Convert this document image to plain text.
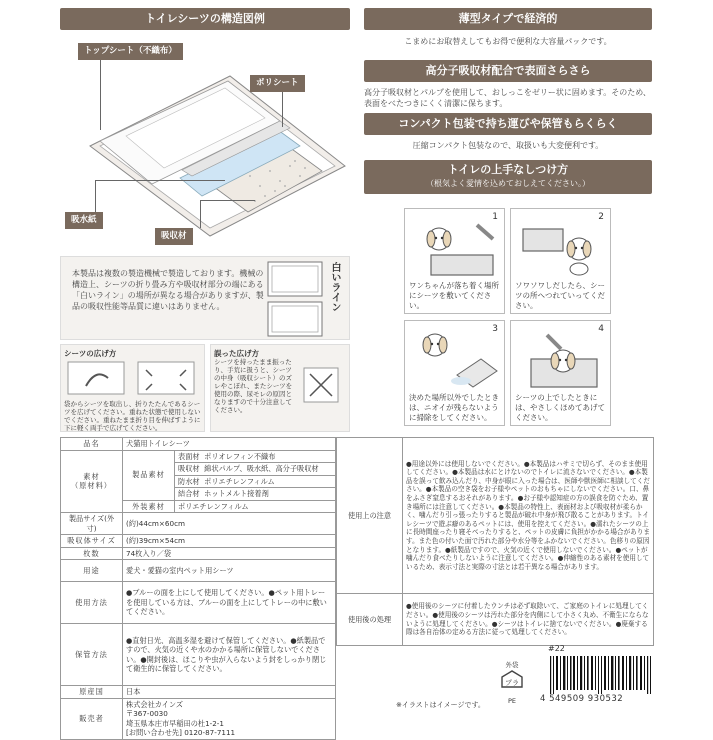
トイレシーツの構造図例
トップシート（不織布）
ポリシート
吸水紙
吸収材
本製品は複数の製造機械で製造しております。機械の構造上、シーツの折り畳み方や吸収材部分の端にある「白いライン」の場所が異なる場合がありますが、製品の吸収性能等品質に違いはありません。	白いライン
シーツの広げ方
袋からシーツを取出し、折りたたんであるシーツを広げてください。重ねた状態で使用しないでください。重ねたまま折り目を伸ばすように下に軽く両手で広げてください。
誤った広げ方
シーツを持ったまま振ったり、手荒に扱うと、シーツの中身（吸収シート）のズレやこぼれ、またシーツを使用の際、尿モレの原因となりますので十分注意してください。
薄型タイプで経済的
こまめにお取替えしてもお得で便利な大容量パックです。
高分子吸収材配合で表面さらさら
高分子吸収材とパルプを使用して、おしっこをゼリー状に固めます。そのため、表面をべたつきにくく清潔に保ちます。
コンパクト包装で持ち運びや保管もらくらく
圧縮コンパクト包装なので、取扱いも大変便利です。
トイレの上手なしつけ方
（根気よく愛情を込めておしえてください。）
1
ワンちゃんが落ち着く場所にシーツを敷いてください。
2
ソワソワしだしたら、シーツの所へつれていってください。
3
決めた場所以外でしたときは、ニオイが残らないように掃除をしてください。
4
シーツの上でしたときには、やさしくほめてあげてください。
品名	犬猫用トイレシーツ	

素材
（原材料）	製品素材	表面材 ポリオレフィン不織布
		吸収材 綿状パルプ、吸水紙、高分子吸収材
		防水材 ポリエチレンフィルム
		結合材 ホットメルト接着剤
	外装素材	ポリエチレンフィルム
製品サイズ(外寸)	(約)44cm×60cm	
吸収体サイズ	(約)39cm×54cm	
枚数	74枚入り／袋	
用途	愛犬・愛猫の室内ペット用シーツ	
使用方法	●ブルーの面を上にして使用してください。●ペット用トレーを使用している方は、ブルーの面を上にしてトレーの中に敷いてください。	
保管方法	●直射日光、高温多湿を避けて保管してください。●紙製品ですので、火気の近くや水のかかる場所に保管しないでください。●開封後は、ほこりや虫が入らないよう封をしっかり閉じて衛生的に保管してください。	
原産国	日本	
販売者	株式会社カインズ
〒367-0030
埼玉県本庄市早稲田の杜1-2-1
[お問い合わせ先] 0120-87-7111	
使用上の注意	●用途以外には使用しないでください。●本製品はハサミで切らず、そのまま使用してください。●本製品は水にとけないのでトイレに流さないでください。●本製品を誤って飲み込んだり、中身が眼に入った場合は、医師や獣医師に相談してください。●本製品の空き袋をお子様やペットのおもちゃにしないでください。口、鼻をふさぎ窒息するおそれがあります。●お子様や認知症の方の誤食を防ぐため、置き場所には注意してください。●本製品の特性上、表面材および吸収材が柔らかく、噛んだり引っ張ったりすると製品が破れ中身が飛び散ることがあります。トイレシーツで遊ぶ癖のあるペットには、使用を控えてください。●濡れたシーツの上に長時間座ったり寝そべったりすると、ペットの皮膚に負担がかかる場合があります。また色の付いた面で汚れた部分や水分等をふかないでください。色移りの原因となります。●紙製品ですので、火気の近くで使用しないでください。●ペットが噛んだり食べたりしないように注意してください。●伸縮性のある素材を使用しているため、表示寸法と実際の寸法とは若干異なる場合があります。
使用後の処理	●使用後のシーツに付着したウンチは必ず取除いて、ご家庭のトイレに処理してください。●使用後のシーツは汚れた部分を内側にして小さく丸め、不衛生にならないように処理してください。●シーツはトイレに捨てないでください。●廃棄する際は各自治体の定める方法に従って処理してください。
#22
外袋
プラ
PE
※イラストはイメージです。
4 549509 930532
